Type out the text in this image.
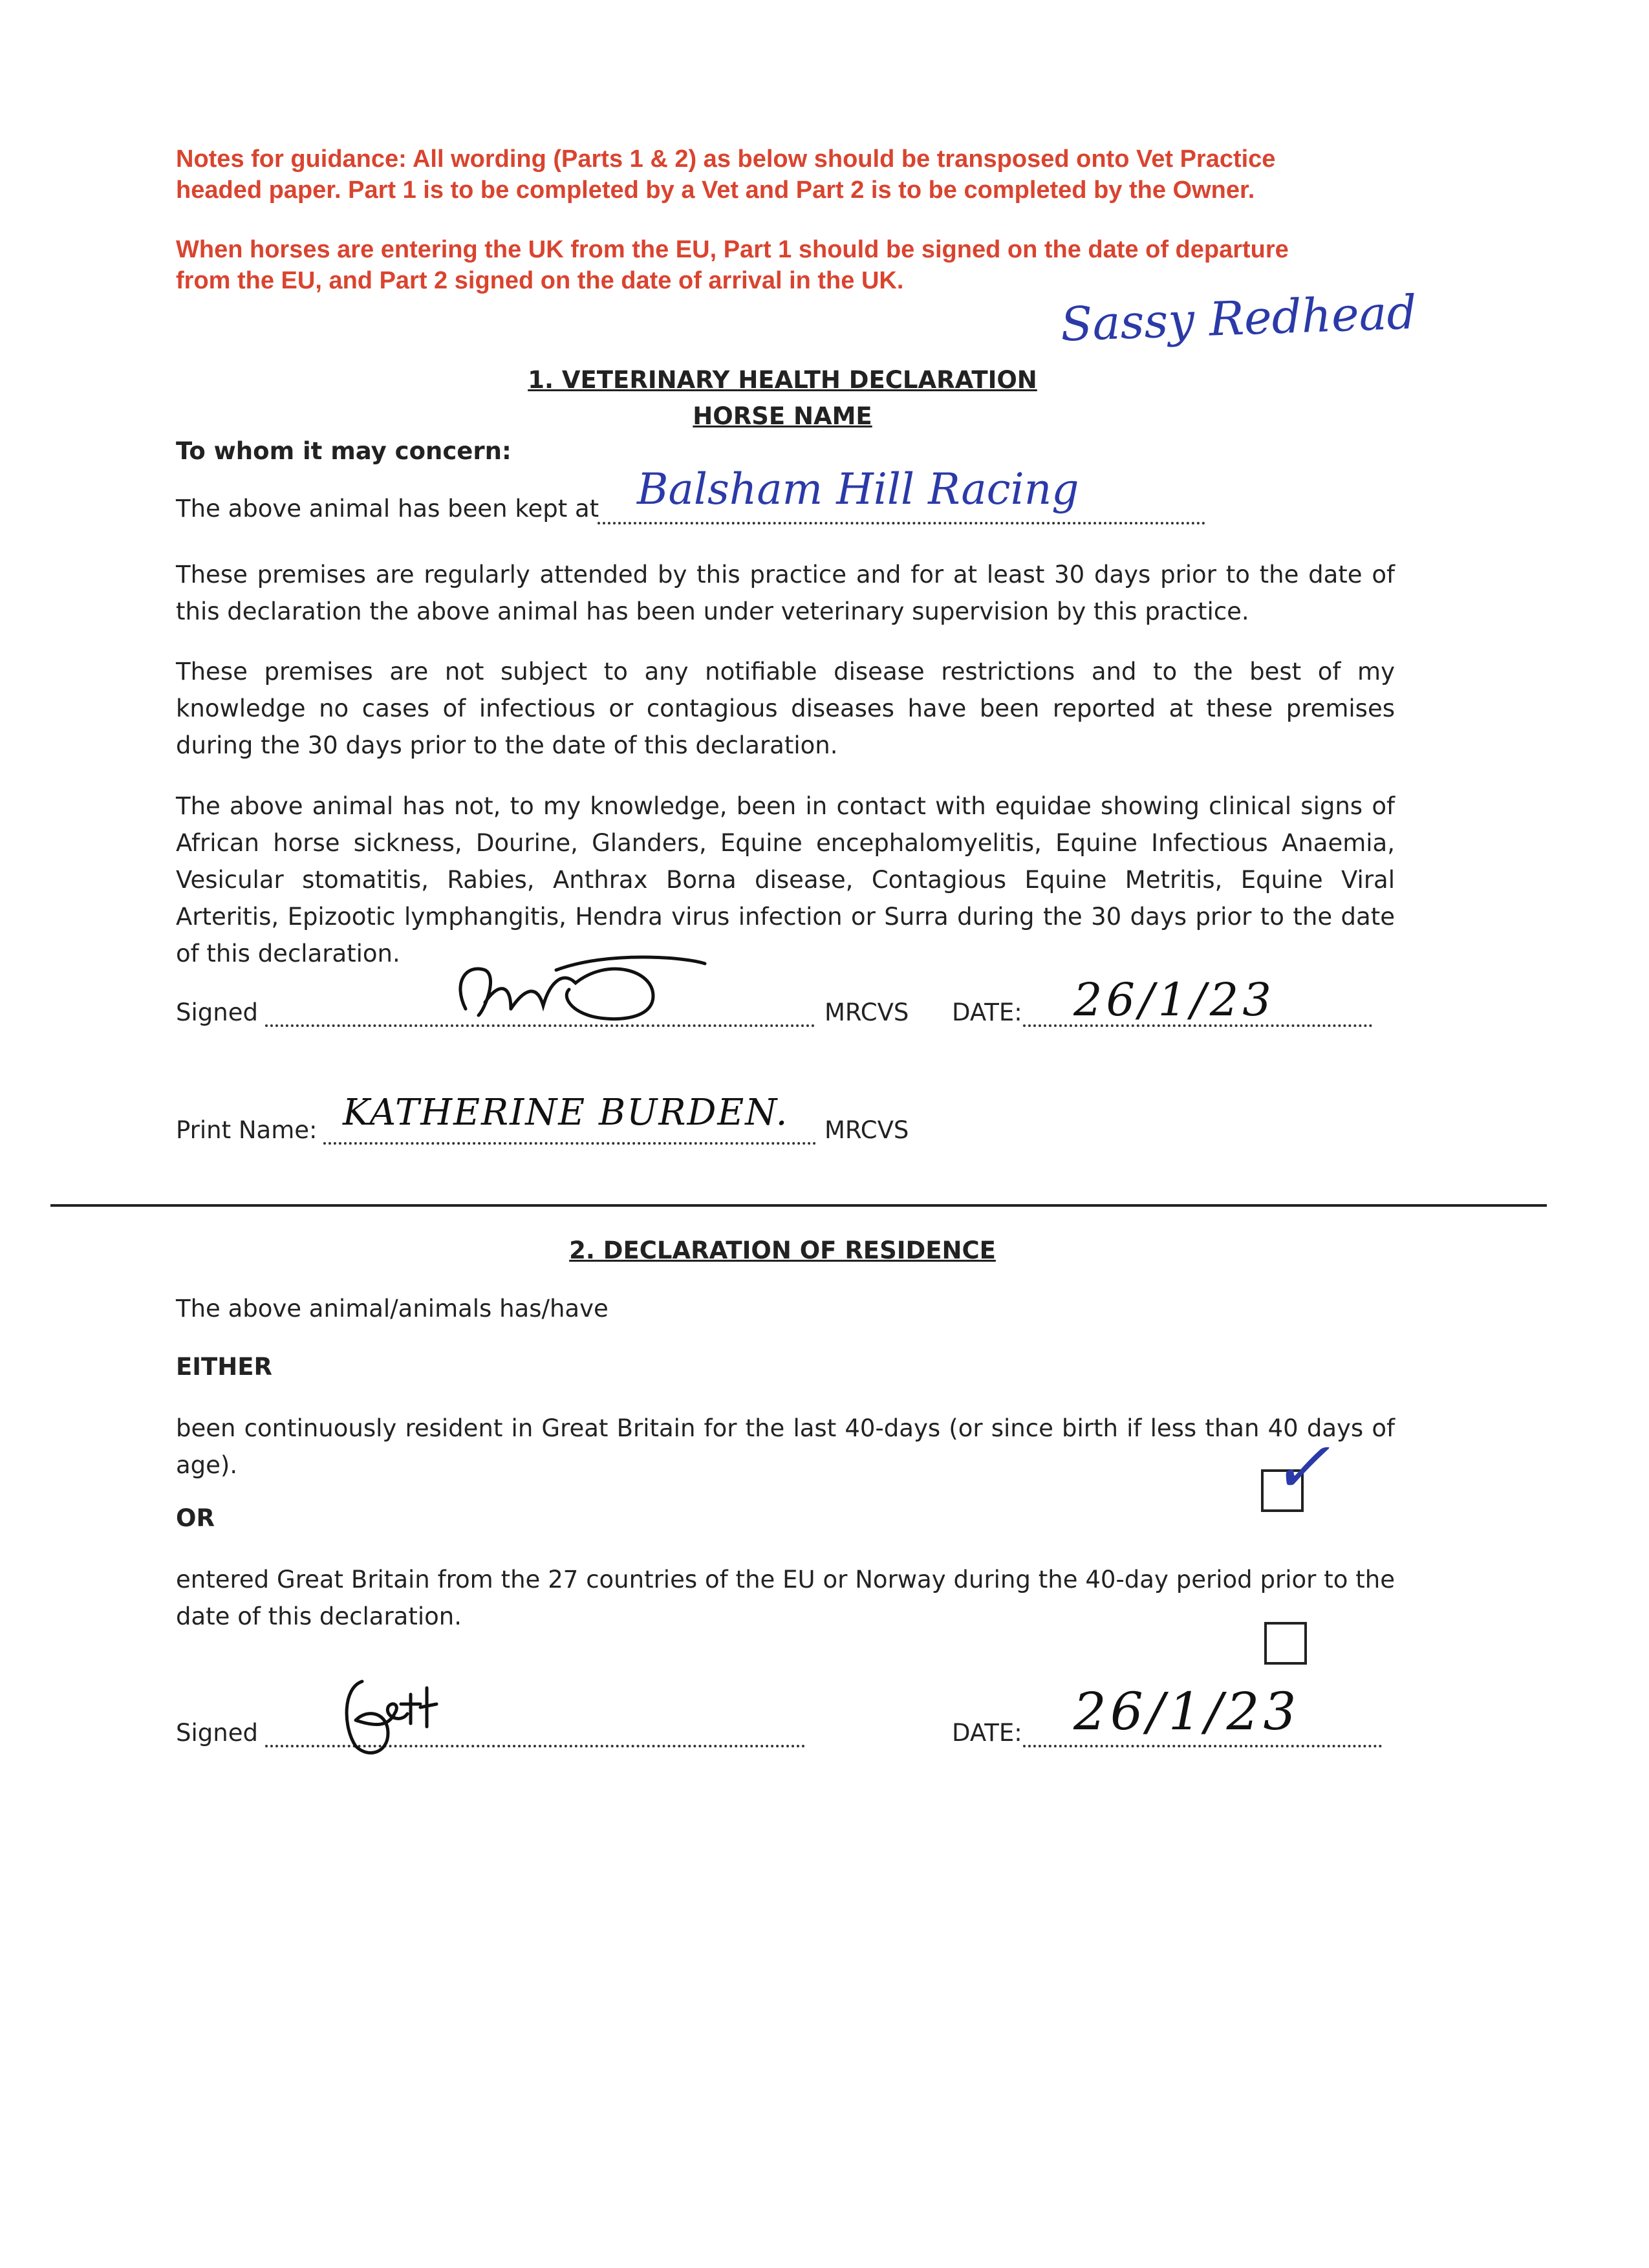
Notes for guidance: All wording (Parts 1 & 2) as below should be transposed onto Vet Practice
headed paper. Part 1 is to be completed by a Vet and Part 2 is to be completed by the Owner.
When horses are entering the UK from the EU, Part 1 should be signed on the date of departure
from the EU, and Part 2 signed on the date of arrival in the UK.
Sassy Redhead
1. VETERINARY HEALTH DECLARATION
HORSE NAME
To whom it may concern:
The above animal has been kept at Balsham Hill Racing
These premises are regularly attended by this practice and for at least 30 days prior to the date of this declaration the above animal has been under veterinary supervision by this practice.
These premises are not subject to any notifiable disease restrictions and to the best of my knowledge no cases of infectious or contagious diseases have been reported at these premises during the 30 days prior to the date of this declaration.
The above animal has not, to my knowledge, been in contact with equidae showing clinical signs of African horse sickness, Dourine, Glanders, Equine encephalomyelitis, Equine Infectious Anaemia, Vesicular stomatitis, Rabies, Anthrax Borna disease, Contagious Equine Metritis, Equine Viral Arteritis, Epizootic lymphangitis, Hendra virus infection or Surra during the 30 days prior to the date of this declaration.
Signed	MRCVS DATE: 26/1/23
Print Name:	MRCVS
KATHERINE BURDEN.
2. DECLARATION OF RESIDENCE
The above animal/animals has/have
EITHER
been continuously resident in Great Britain for the last 40-days (or since birth if less than 40 days of age).	✓
OR
entered Great Britain from the 27 countries of the EU or Norway during the 40-day period prior to the date of this declaration.
Signed	DATE: 26/1/23
